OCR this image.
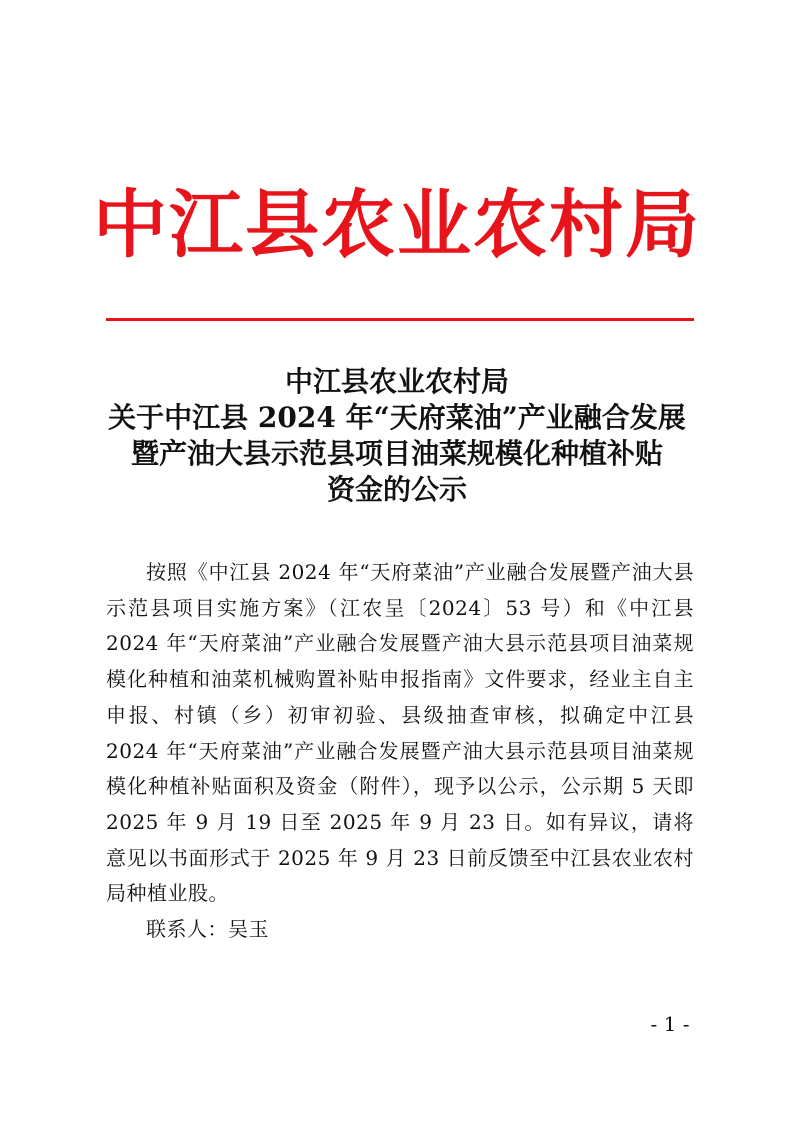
中江县农业农村局
中江县农业农村局
关于中江县 2024 年“天府菜油”产业融合发展
暨产油大县示范县项目油菜规模化种植补贴
资金的公示

按照《中江县 2024 年“天府菜油”产业融合发展暨产油大县示范县项目实施方案》（江农呈〔2024〕53 号）和《中江县 2024 年“天府菜油”产业融合发展暨产油大县示范县项目油菜规模化种植和油菜机械购置补贴申报指南》文件要求，经业主自主申报、村镇（乡）初审初验、县级抽查审核，拟确定中江县 2024 年“天府菜油”产业融合发展暨产油大县示范县项目油菜规模化种植补贴面积及资金（附件），现予以公示，公示期 5 天即 2025 年 9 月 19 日至 2025 年 9 月 23 日。如有异议，请将意见以书面形式于 2025 年 9 月 23 日前反馈至中江县农业农村局种植业股。

联系人：吴玉

- 1 -
